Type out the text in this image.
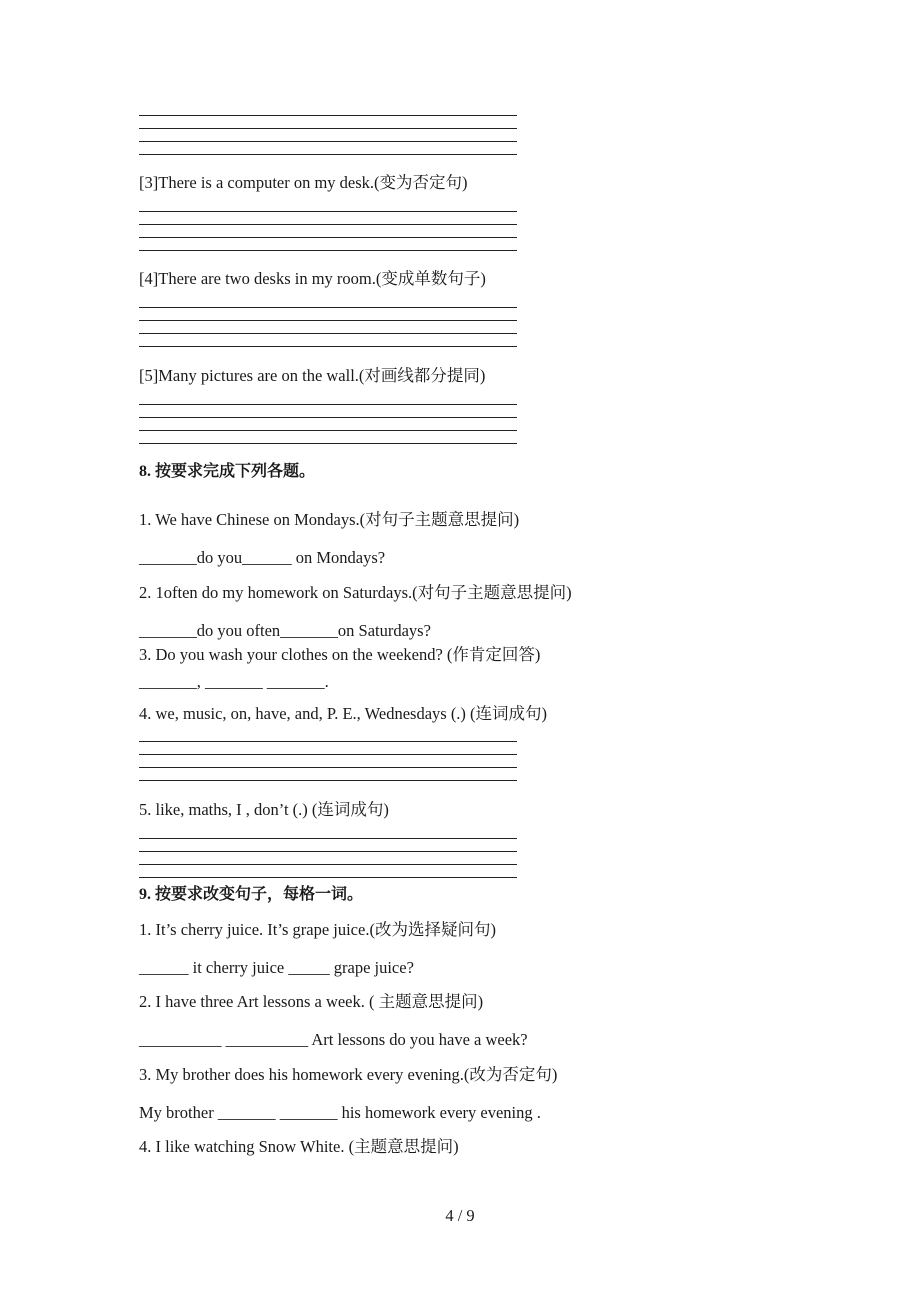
[3]There is a computer on my desk.(变为否定句)
[4]There are two desks in my room.(变成单数句子)
[5]Many pictures are on the wall.(对画线都分提同)
8. 按要求完成下列各题。
1. We have Chinese on Mondays.(对句子主题意思提问)
_______do you______ on Mondays?
2. 1often do my homework on Saturdays.(对句子主题意思提问)
_______do you often_______on Saturdays?
3. Do you wash your clothes on the weekend? (作肯定回答)
_______, _______ _______.
4. we, music, on, have, and, P. E., Wednesdays (.) (连词成句)
5. like, maths, I , don’t (.) (连词成句)
9. 按要求改变句子，每格一词。
1. It’s cherry juice. It’s grape juice.(改为选择疑问句)
______ it cherry juice _____ grape juice?
2. I have three Art lessons a week. ( 主题意思提问)
__________ __________ Art lessons do you have a week?
3. My brother does his homework every evening.(改为否定句)
My brother _______ _______ his homework every evening .
4. I like watching Snow White. (主题意思提问)
4 / 9
